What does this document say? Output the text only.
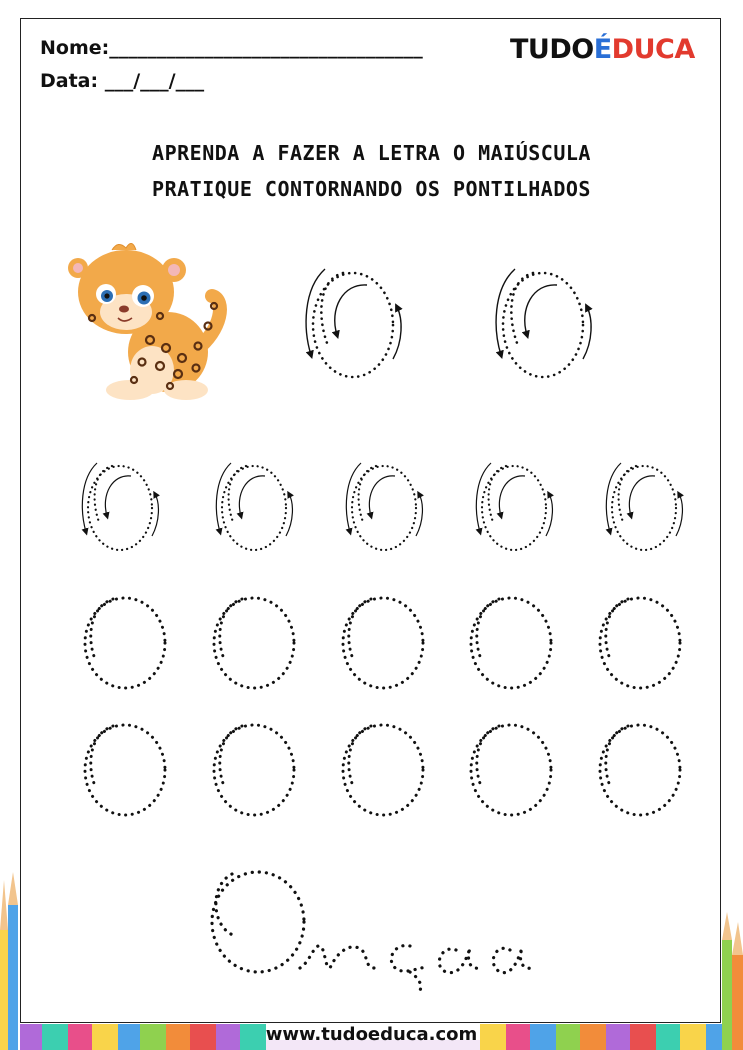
Nome:_________________________________
Data: ___/___/___
TUDOÉDUCA
APRENDA A FAZER A LETRA O MAIÚSCULA
PRATIQUE CONTORNANDO OS PONTILHADOS
www.tudoeduca.com
